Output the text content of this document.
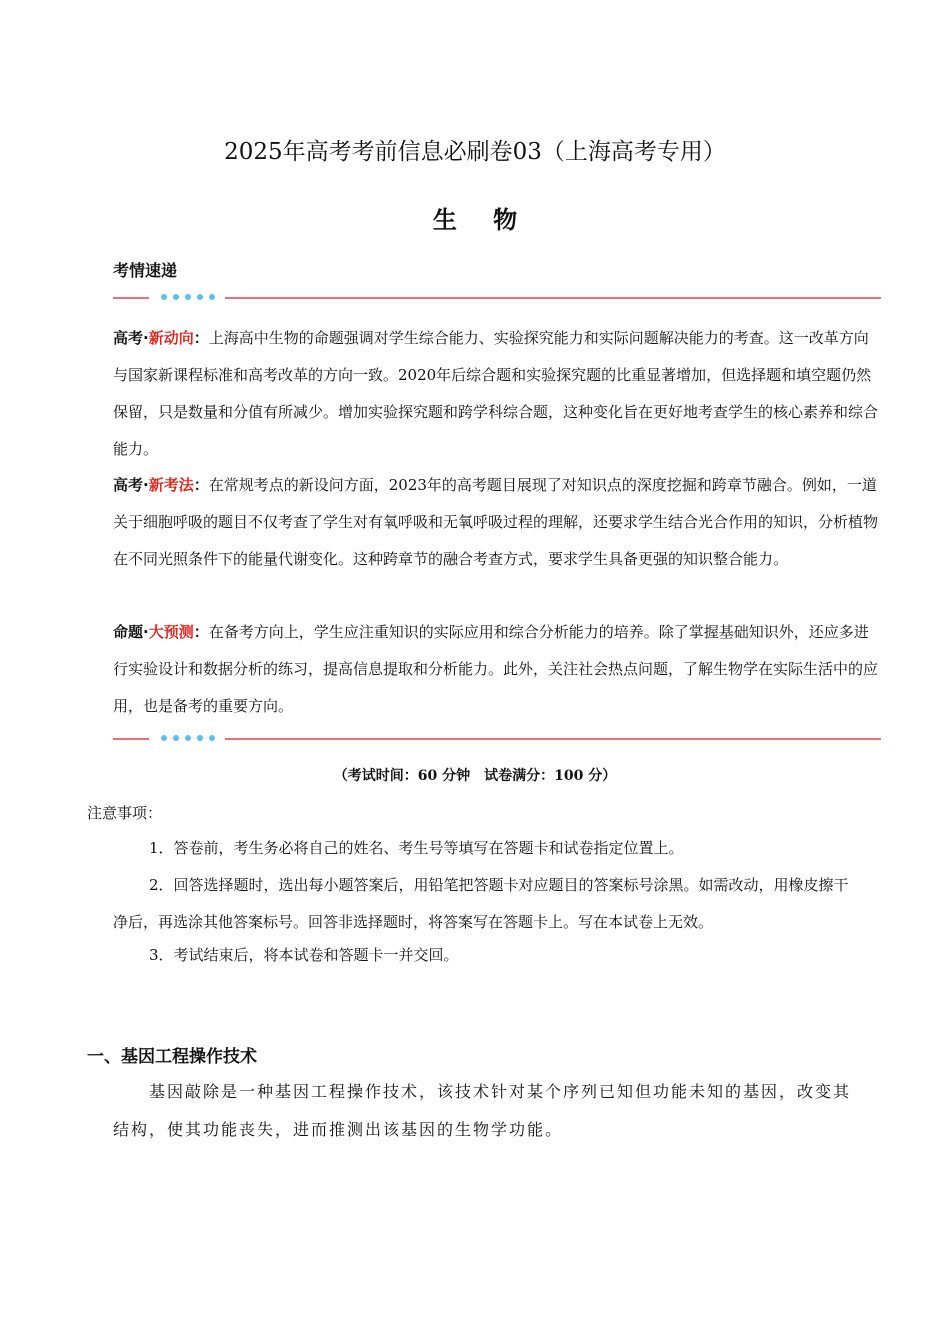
2025年高考考前信息必刷卷03（上海高考专用）
生 物
考情速递
高考·新动向：上海高中生物的命题强调对学生综合能力、实验探究能力和实际问题解决能力的考查。这一改革方向与国家新课程标准和高考改革的方向一致。2020年后综合题和实验探究题的比重显著增加，但选择题和填空题仍然保留，只是数量和分值有所减少。增加实验探究题和跨学科综合题，这种变化旨在更好地考查学生的核心素养和综合能力。
高考·新考法：在常规考点的新设问方面，2023年的高考题目展现了对知识点的深度挖掘和跨章节融合。例如，一道关于细胞呼吸的题目不仅考查了学生对有氧呼吸和无氧呼吸过程的理解，还要求学生结合光合作用的知识，分析植物在不同光照条件下的能量代谢变化。这种跨章节的融合考查方式，要求学生具备更强的知识整合能力。
命题·大预测：在备考方向上，学生应注重知识的实际应用和综合分析能力的培养。除了掌握基础知识外，还应多进行实验设计和数据分析的练习，提高信息提取和分析能力。此外，关注社会热点问题，了解生物学在实际生活中的应用，也是备考的重要方向。
（考试时间：60 分钟　试卷满分：100 分）
注意事项：
1．答卷前，考生务必将自己的姓名、考生号等填写在答题卡和试卷指定位置上。
2．回答选择题时，选出每小题答案后，用铅笔把答题卡对应题目的答案标号涂黑。如需改动，用橡皮擦干净后，再选涂其他答案标号。回答非选择题时，将答案写在答题卡上。写在本试卷上无效。
3．考试结束后，将本试卷和答题卡一并交回。
一、基因工程操作技术
基因敲除是一种基因工程操作技术，该技术针对某个序列已知但功能未知的基因，改变其结构，使其功能丧失，进而推测出该基因的生物学功能。
